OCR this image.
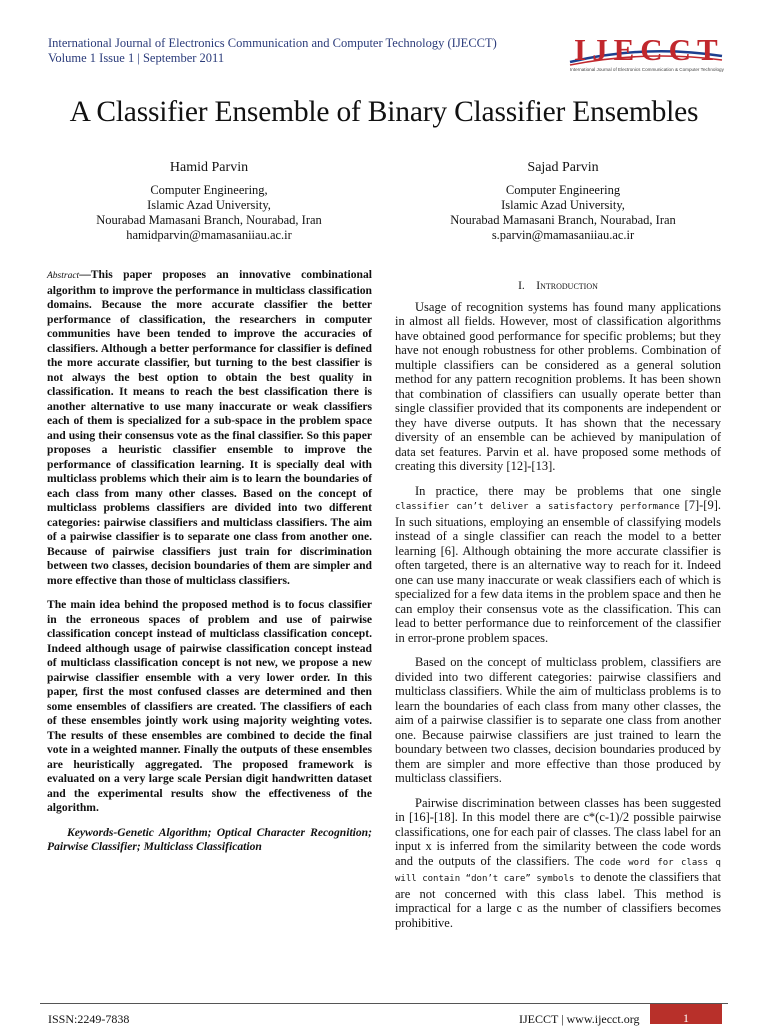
International Journal of Electronics Communication and Computer Technology (IJECCT)
Volume 1 Issue 1 | September 2011	IJECCT
International Journal of Electronics Communication & Computer Technology
A Classifier Ensemble of Binary Classifier Ensembles
Hamid Parvin
Computer Engineering,
Islamic Azad University,
Nourabad Mamasani Branch, Nourabad, Iran
hamidparvin@mamasaniiau.ac.ir
Sajad Parvin
Computer Engineering
Islamic Azad University,
Nourabad Mamasani Branch, Nourabad, Iran
s.parvin@mamasaniiau.ac.ir

Abstract—This paper proposes an innovative combinational algorithm to improve the performance in multiclass classification domains. Because the more accurate classifier the better performance of classification, the researchers in computer communities have been tended to improve the accuracies of classifiers. Although a better performance for classifier is defined the more accurate classifier, but turning to the best classifier is not always the best option to obtain the best quality in classification. It means to reach the best classification there is another alternative to use many inaccurate or weak classifiers each of them is specialized for a sub-space in the problem space and using their consensus vote as the final classifier. So this paper proposes a heuristic classifier ensemble to improve the performance of classification learning. It is specially deal with multiclass problems which their aim is to learn the boundaries of each class from many other classes. Based on the concept of multiclass problems classifiers are divided into two different categories: pairwise classifiers and multiclass classifiers. The aim of a pairwise classifier is to separate one class from another one. Because of pairwise classifiers just train for discrimination between two classes, decision boundaries of them are simpler and more effective than those of multiclass classifiers.

The main idea behind the proposed method is to focus classifier in the erroneous spaces of problem and use of pairwise classification concept instead of multiclass classification concept. Indeed although usage of pairwise classification concept instead of multiclass classification concept is not new, we propose a new pairwise classifier ensemble with a very lower order. In this paper, first the most confused classes are determined and then some ensembles of classifiers are created. The classifiers of each of these ensembles jointly work using majority weighting votes. The results of these ensembles are combined to decide the final vote in a weighted manner. Finally the outputs of these ensembles are heuristically aggregated. The proposed framework is evaluated on a very large scale Persian digit handwritten dataset and the experimental results show the effectiveness of the algorithm.

Keywords-Genetic Algorithm; Optical Character Recognition; Pairwise Classifier; Multiclass Classification

I. Introduction

Usage of recognition systems has found many applications in almost all fields. However, most of classification algorithms have obtained good performance for specific problems; but they have not enough robustness for other problems. Combination of multiple classifiers can be considered as a general solution method for any pattern recognition problems. It has been shown that combination of classifiers can usually operate better than single classifier provided that its components are independent or they have diverse outputs. It has shown that the necessary diversity of an ensemble can be achieved by manipulation of data set features. Parvin et al. have proposed some methods of creating this diversity [12]-[13].

In practice, there may be problems that one single classifier can’t deliver a satisfactory performance [7]-[9]. In such situations, employing an ensemble of classifying models instead of a single classifier can reach the model to a better learning [6]. Although obtaining the more accurate classifier is often targeted, there is an alternative way to reach for it. Indeed one can use many inaccurate or weak classifiers each of which is specialized for a few data items in the problem space and then he can employ their consensus vote as the classification. This can lead to better performance due to reinforcement of the classifier in error-prone problem spaces.

Based on the concept of multiclass problem, classifiers are divided into two different categories: pairwise classifiers and multiclass classifiers. While the aim of multiclass problems is to learn the boundaries of each class from many other classes, the aim of a pairwise classifier is to separate one class from another one. Because pairwise classifiers are just trained to learn the boundary between two classes, decision boundaries produced by them are simpler and more effective than those produced by multiclass classifiers.

Pairwise discrimination between classes has been suggested in [16]-[18]. In this model there are c*(c-1)/2 possible pairwise classifications, one for each pair of classes. The class label for an input x is inferred from the similarity between the code words and the outputs of the classifiers. The code word for class q will contain “don’t care” symbols to denote the classifiers that are not concerned with this class label. This method is impractical for a large c as the number of classifiers becomes prohibitive.

ISSN:2249-7838	IJECCT | www.ijecct.org	1
